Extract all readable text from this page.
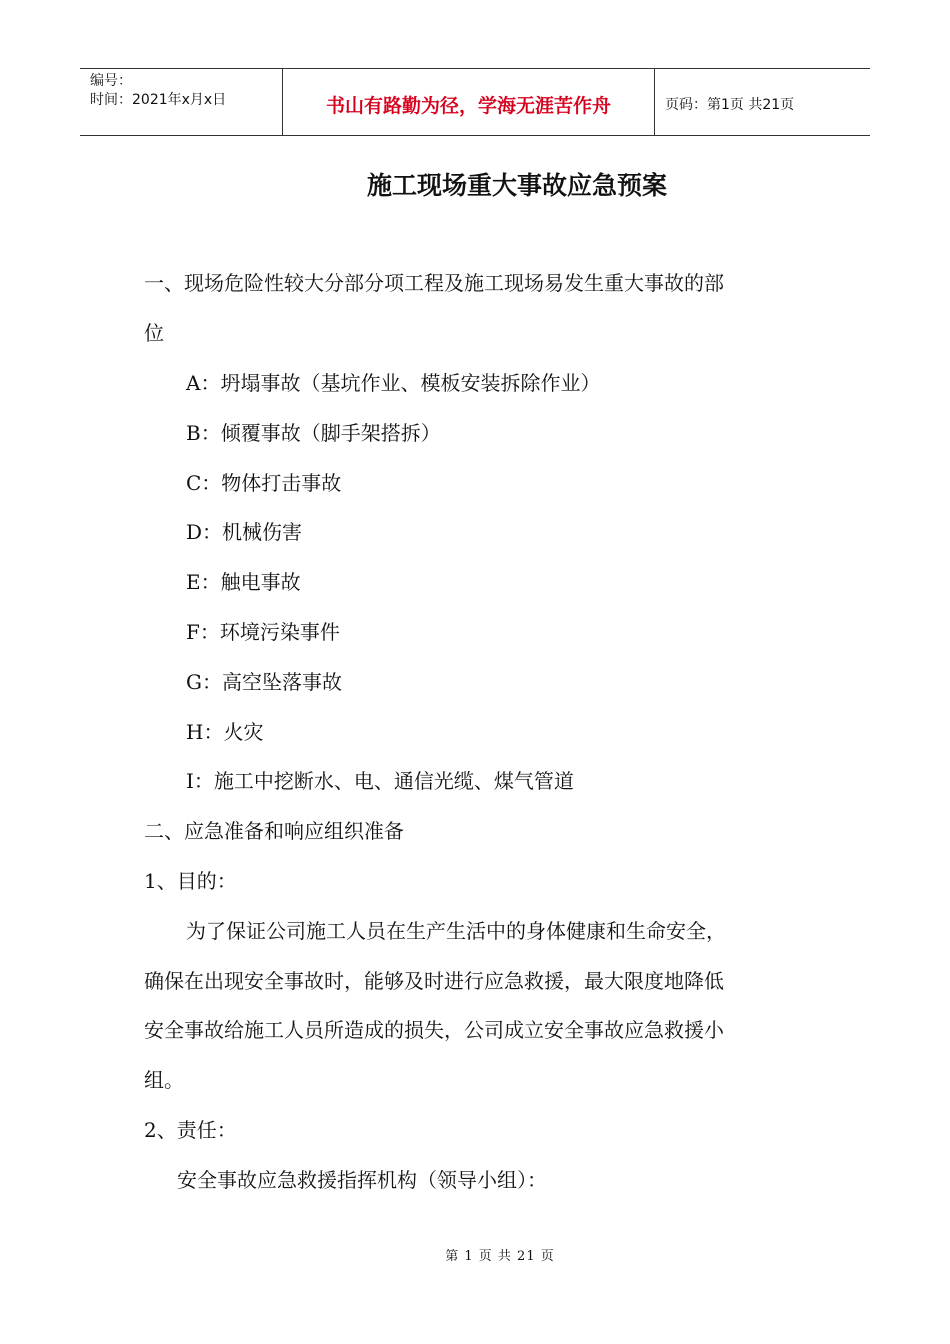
编号：
时间：2021年x月x日	书山有路勤为径，学海无涯苦作舟	页码：第1页 共21页
施工现场重大事故应急预案
一、现场危险性较大分部分项工程及施工现场易发生重大事故的部
位
A：坍塌事故（基坑作业、模板安装拆除作业）
B：倾覆事故（脚手架搭拆）
C：物体打击事故
D：机械伤害
E：触电事故
F：环境污染事件
G：高空坠落事故
H：火灾
I：施工中挖断水、电、通信光缆、煤气管道
二、应急准备和响应组织准备
1、目的：
为了保证公司施工人员在生产生活中的身体健康和生命安全，
确保在出现安全事故时，能够及时进行应急救援，最大限度地降低
安全事故给施工人员所造成的损失，公司成立安全事故应急救援小
组。
2、责任：
安全事故应急救援指挥机构（领导小组）：
第 1 页 共 21 页
